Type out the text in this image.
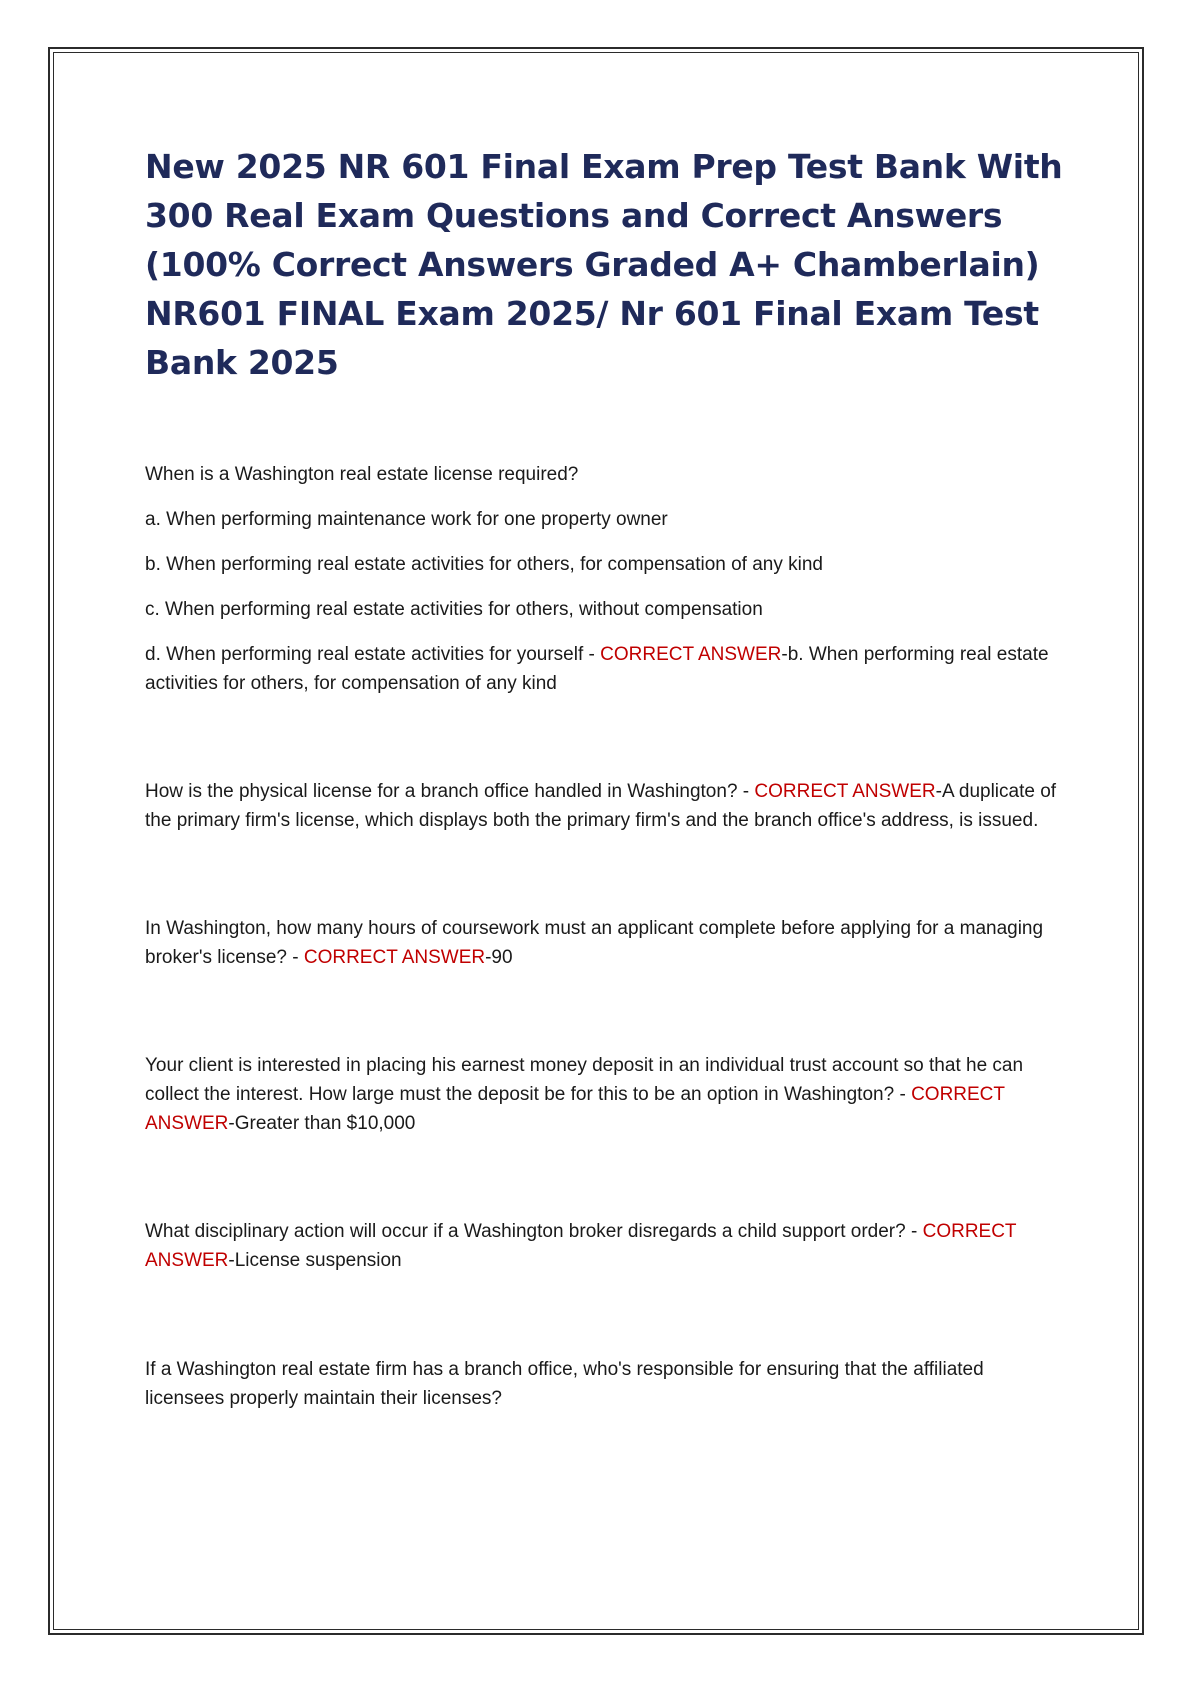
New 2025 NR 601 Final Exam Prep Test Bank With 300 Real Exam Questions and Correct Answers (100% Correct Answers Graded A+ Chamberlain) NR601 FINAL Exam 2025/ Nr 601 Final Exam Test Bank 2025

When is a Washington real estate license required?

a. When performing maintenance work for one property owner

b. When performing real estate activities for others, for compensation of any kind

c. When performing real estate activities for others, without compensation

d. When performing real estate activities for yourself - CORRECT ANSWER-b. When performing real estate activities for others, for compensation of any kind

How is the physical license for a branch office handled in Washington? - CORRECT ANSWER-A duplicate of the primary firm's license, which displays both the primary firm's and the branch office's address, is issued.

In Washington, how many hours of coursework must an applicant complete before applying for a managing broker's license? - CORRECT ANSWER-90

Your client is interested in placing his earnest money deposit in an individual trust account so that he can collect the interest. How large must the deposit be for this to be an option in Washington? - CORRECT ANSWER-Greater than $10,000

What disciplinary action will occur if a Washington broker disregards a child support order? - CORRECT ANSWER-License suspension

If a Washington real estate firm has a branch office, who's responsible for ensuring that the affiliated licensees properly maintain their licenses?
